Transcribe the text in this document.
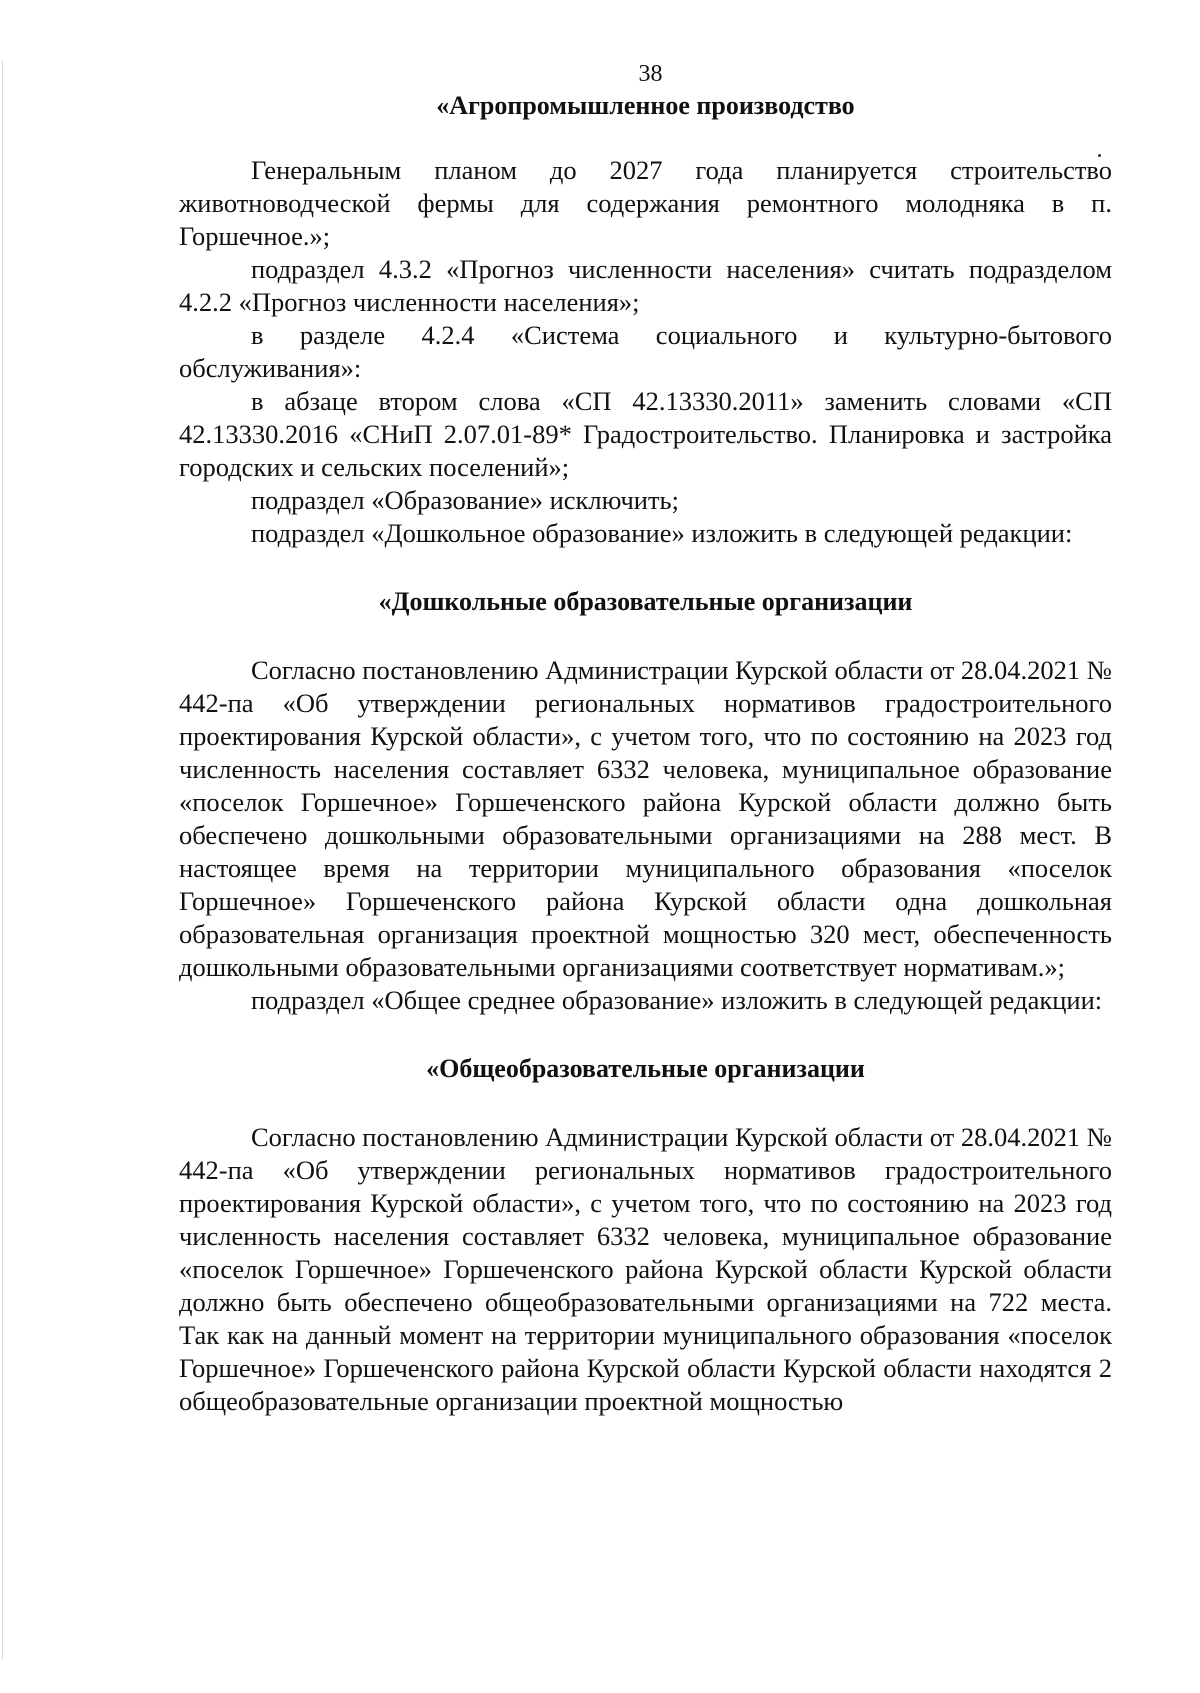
38
«Агропромышленное производство

Генеральным планом до 2027 года планируется строительство животноводческой фермы для содержания ремонтного молодняка в п. Горшечное.»;

подраздел 4.3.2 «Прогноз численности населения» считать подразделом 4.2.2 «Прогноз численности населения»;

в разделе 4.2.4 «Система социального и культурно-бытового обслуживания»:

в абзаце втором слова «СП 42.13330.2011» заменить словами «СП 42.13330.2016 «СНиП 2.07.01-89* Градостроительство. Планировка и застройка городских и сельских поселений»;

подраздел «Образование» исключить;

подраздел «Дошкольное образование» изложить в следующей редакции:

«Дошкольные образовательные организации

Согласно постановлению Администрации Курской области от 28.04.2021 № 442-па «Об утверждении региональных нормативов градостроительного проектирования Курской области», с учетом того, что по состоянию на 2023 год численность населения составляет 6332 человека, муниципальное образование «поселок Горшечное» Горшеченского района Курской области должно быть обеспечено дошкольными образовательными организациями на 288 мест. В настоящее время на территории муниципального образования «поселок Горшечное» Горшеченского района Курской области одна дошкольная образовательная организация проектной мощностью 320 мест, обеспеченность дошкольными образовательными организациями соответствует нормативам.»;

подраздел «Общее среднее образование» изложить в следующей редакции:

«Общеобразовательные организации

Согласно постановлению Администрации Курской области от 28.04.2021 № 442-па «Об утверждении региональных нормативов градостроительного проектирования Курской области», с учетом того, что по состоянию на 2023 год численность населения составляет 6332 человека, муниципальное образование «поселок Горшечное» Горшеченского района Курской области Курской области должно быть обеспечено общеобразовательными организациями на 722 места. Так как на данный момент на территории муниципального образования «поселок Горшечное» Горшеченского района Курской области Курской области находятся 2 общеобразовательные организации проектной мощностью
